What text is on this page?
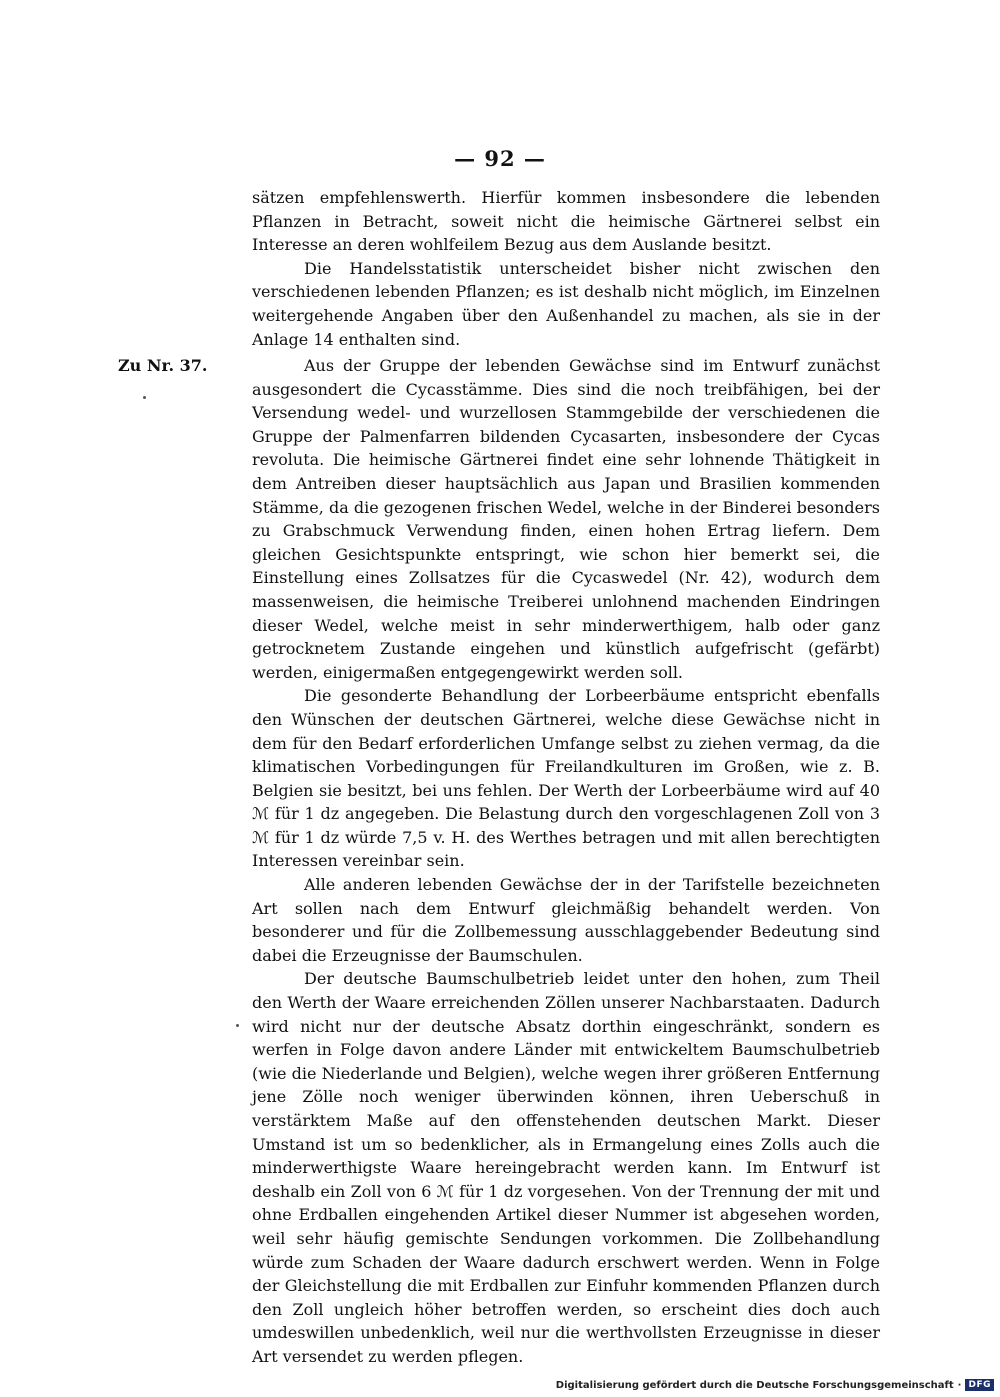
— 92 —

sätzen empfehlenswerth. Hierfür kommen insbesondere die lebenden Pflanzen in Betracht, soweit nicht die heimische Gärtnerei selbst ein Interesse an deren wohlfeilem Bezug aus dem Auslande besitzt.

Die Handelsstatistik unterscheidet bisher nicht zwischen den verschiedenen lebenden Pflanzen; es ist deshalb nicht möglich, im Einzelnen weitergehende Angaben über den Außenhandel zu machen, als sie in der Anlage 14 enthalten sind.

Zu Nr. 37.	Aus der Gruppe der lebenden Gewächse sind im Entwurf zunächst ausgesondert die Cycasstämme. Dies sind die noch treibfähigen, bei der Versendung wedel- und wurzellosen Stammgebilde der verschiedenen die Gruppe der Palmenfarren bildenden Cycasarten, insbesondere der Cycas revoluta. Die heimische Gärtnerei findet eine sehr lohnende Thätigkeit in dem Antreiben dieser hauptsächlich aus Japan und Brasilien kommenden Stämme, da die gezogenen frischen Wedel, welche in der Binderei besonders zu Grabschmuck Verwendung finden, einen hohen Ertrag liefern. Dem gleichen Gesichtspunkte entspringt, wie schon hier bemerkt sei, die Einstellung eines Zollsatzes für die Cycaswedel (Nr. 42), wodurch dem massenweisen, die heimische Treiberei unlohnend machenden Eindringen dieser Wedel, welche meist in sehr minderwerthigem, halb oder ganz getrocknetem Zustande eingehen und künstlich aufgefrischt (gefärbt) werden, einigermaßen entgegengewirkt werden soll.

Die gesonderte Behandlung der Lorbeerbäume entspricht ebenfalls den Wünschen der deutschen Gärtnerei, welche diese Gewächse nicht in dem für den Bedarf erforderlichen Umfange selbst zu ziehen vermag, da die klimatischen Vorbedingungen für Freilandkulturen im Großen, wie z. B. Belgien sie besitzt, bei uns fehlen. Der Werth der Lorbeerbäume wird auf 40 ℳ für 1 dz angegeben. Die Belastung durch den vorgeschlagenen Zoll von 3 ℳ für 1 dz würde 7,5 v. H. des Werthes betragen und mit allen berechtigten Interessen vereinbar sein.

Alle anderen lebenden Gewächse der in der Tarifstelle bezeichneten Art sollen nach dem Entwurf gleichmäßig behandelt werden. Von besonderer und für die Zollbemessung ausschlaggebender Bedeutung sind dabei die Erzeugnisse der Baumschulen.

Der deutsche Baumschulbetrieb leidet unter den hohen, zum Theil den Werth der Waare erreichenden Zöllen unserer Nachbarstaaten. Dadurch wird nicht nur der deutsche Absatz dorthin eingeschränkt, sondern es werfen in Folge davon andere Länder mit entwickeltem Baumschulbetrieb (wie die Niederlande und Belgien), welche wegen ihrer größeren Entfernung jene Zölle noch weniger überwinden können, ihren Ueberschuß in verstärktem Maße auf den offenstehenden deutschen Markt. Dieser Umstand ist um so bedenklicher, als in Ermangelung eines Zolls auch die minderwerthigste Waare hereingebracht werden kann. Im Entwurf ist deshalb ein Zoll von 6 ℳ für 1 dz vorgesehen. Von der Trennung der mit und ohne Erdballen eingehenden Artikel dieser Nummer ist abgesehen worden, weil sehr häufig gemischte Sendungen vorkommen. Die Zollbehandlung würde zum Schaden der Waare dadurch erschwert werden. Wenn in Folge der Gleichstellung die mit Erdballen zur Einfuhr kommenden Pflanzen durch den Zoll ungleich höher betroffen werden, so erscheint dies doch auch umdeswillen unbedenklich, weil nur die werthvollsten Erzeugnisse in dieser Art versendet zu werden pflegen.

Digitalisierung gefördert durch die Deutsche Forschungsgemeinschaft · DFG
